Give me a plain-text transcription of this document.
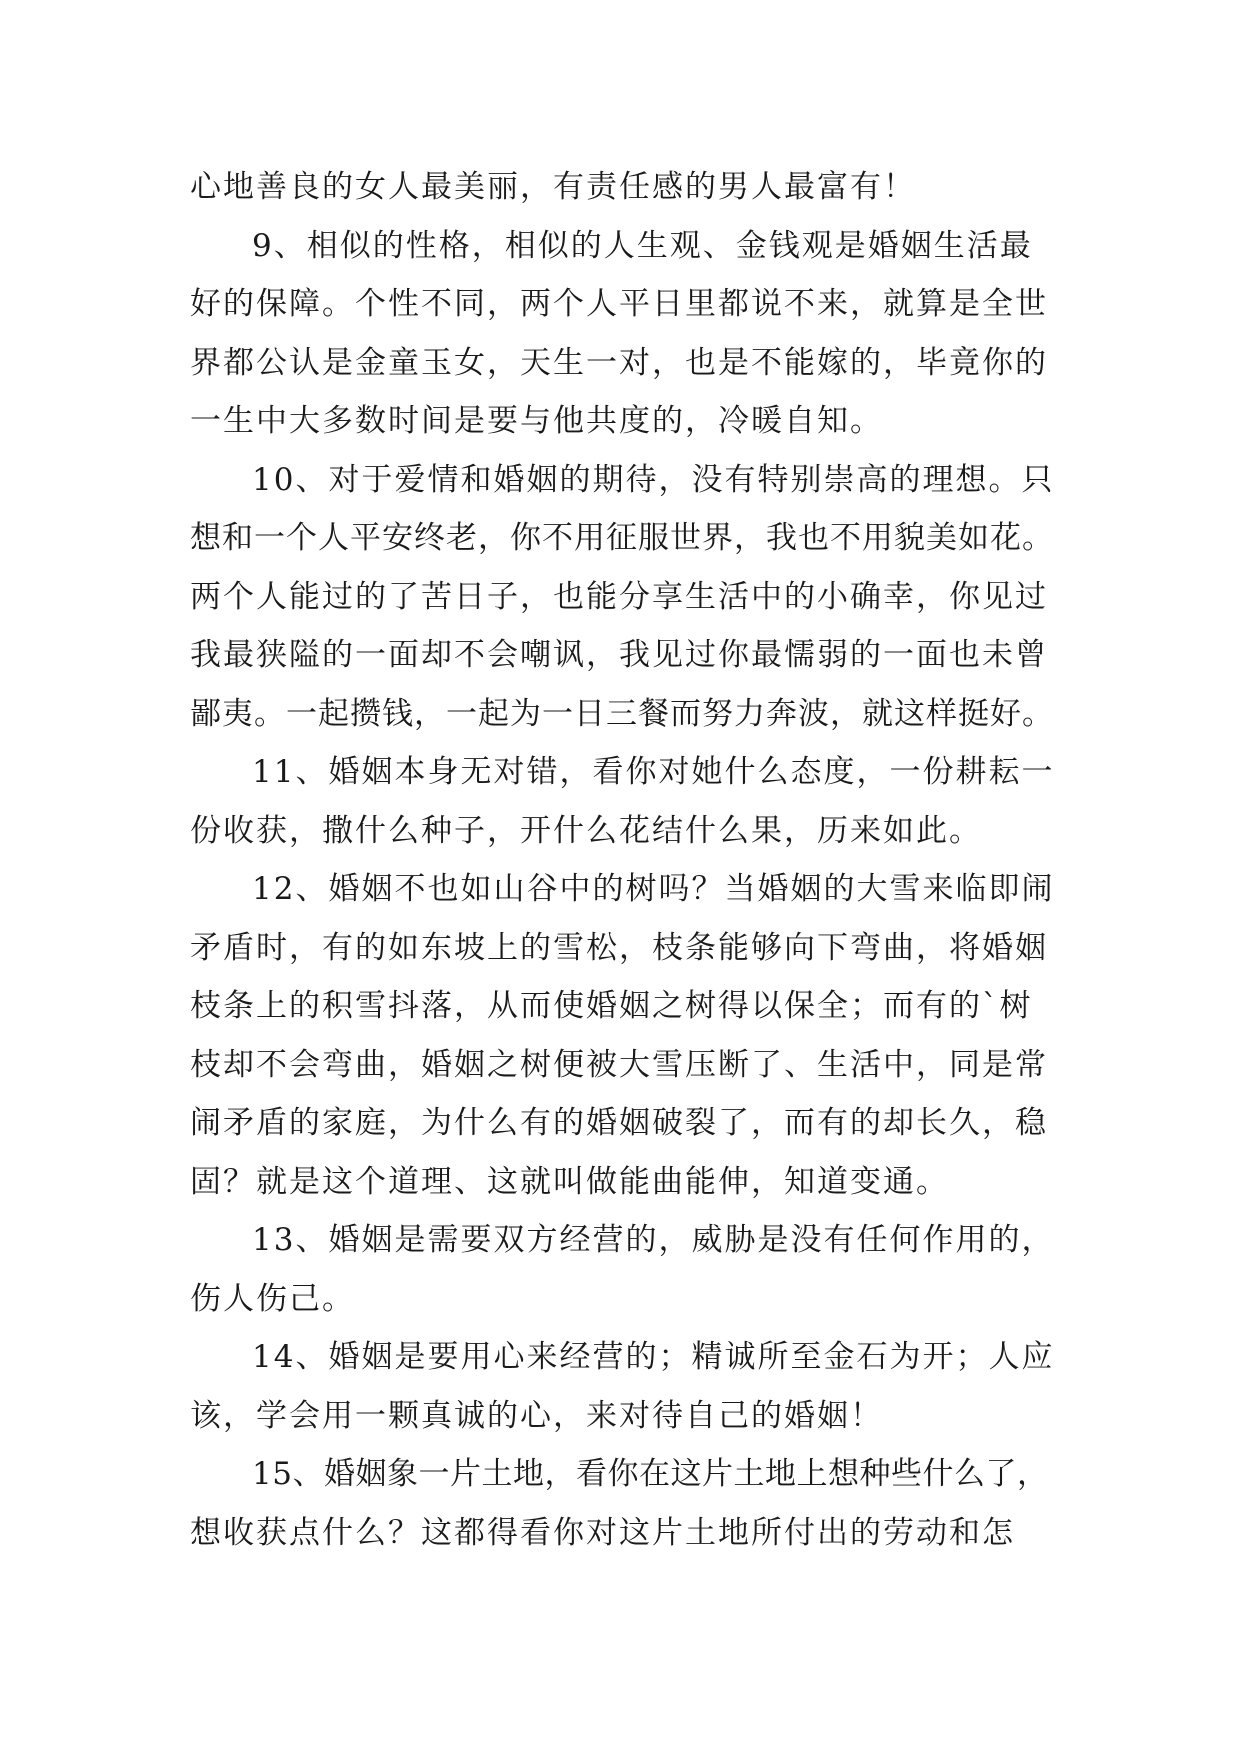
心地善良的女人最美丽，有责任感的男人最富有！
9、相似的性格，相似的人生观、金钱观是婚姻生活最
好的保障。个性不同，两个人平日里都说不来，就算是全世
界都公认是金童玉女，天生一对，也是不能嫁的，毕竟你的
一生中大多数时间是要与他共度的，冷暖自知。
10、对于爱情和婚姻的期待，没有特别崇高的理想。只
想和一个人平安终老，你不用征服世界，我也不用貌美如花。
两个人能过的了苦日子，也能分享生活中的小确幸，你见过
我最狭隘的一面却不会嘲讽，我见过你最懦弱的一面也未曾
鄙夷。一起攒钱，一起为一日三餐而努力奔波，就这样挺好。
11、婚姻本身无对错，看你对她什么态度，一份耕耘一
份收获，撒什么种子，开什么花结什么果，历来如此。
12、婚姻不也如山谷中的树吗？当婚姻的大雪来临即闹
矛盾时，有的如东坡上的雪松，枝条能够向下弯曲，将婚姻
枝条上的积雪抖落，从而使婚姻之树得以保全；而有的`树
枝却不会弯曲，婚姻之树便被大雪压断了、生活中，同是常
闹矛盾的家庭，为什么有的婚姻破裂了，而有的却长久，稳
固？就是这个道理、这就叫做能曲能伸，知道变通。
13、婚姻是需要双方经营的，威胁是没有任何作用的，
伤人伤己。
14、婚姻是要用心来经营的；精诚所至金石为开；人应
该，学会用一颗真诚的心，来对待自己的婚姻！
15、婚姻象一片土地，看你在这片土地上想种些什么了，
想收获点什么？这都得看你对这片土地所付出的劳动和怎
